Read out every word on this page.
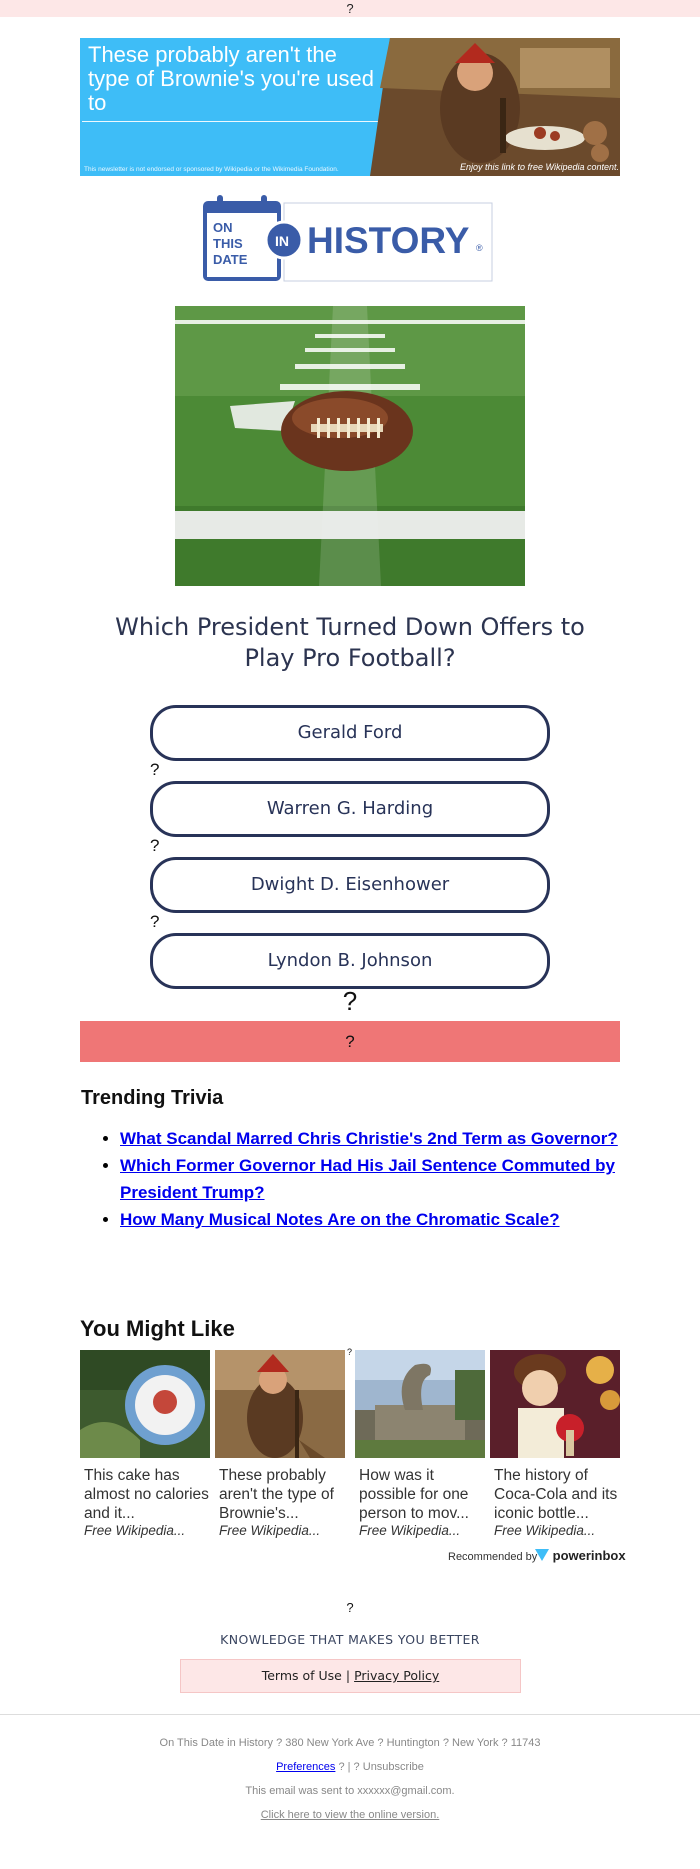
?
These probably aren't the type of Brownie's you're used to
This newsletter is not endorsed or sponsored by Wikipedia or the Wikimedia Foundation.	Enjoy this link to free Wikipedia content.
ON
THIS
DATE
IN HISTORY ®
Which President Turned Down Offers to Play Pro Football?
Gerald Ford
?
Warren G. Harding
?
Dwight D. Eisenhower
?
Lyndon B. Johnson
?
?
Trending Trivia
• What Scandal Marred Chris Christie's 2nd Term as Governor?
• Which Former Governor Had His Jail Sentence Commuted by President Trump?
• How Many Musical Notes Are on the Chromatic Scale?
You Might Like
This cake has almost no calories and it...
Free Wikipedia...
These probably aren't the type of Brownie's...
Free Wikipedia...
?
How was it possible for one person to mov...
Free Wikipedia...
The history of Coca-Cola and its iconic bottle...
Free Wikipedia...
Recommended by	powerinbox
?
KNOWLEDGE THAT MAKES YOU BETTER
Terms of Use | Privacy Policy
On This Date in History ? 380 New York Ave ? Huntington ? New York ? 11743
Preferences ? | ? Unsubscribe
This email was sent to xxxxxx@gmail.com.
Click here to view the online version.
